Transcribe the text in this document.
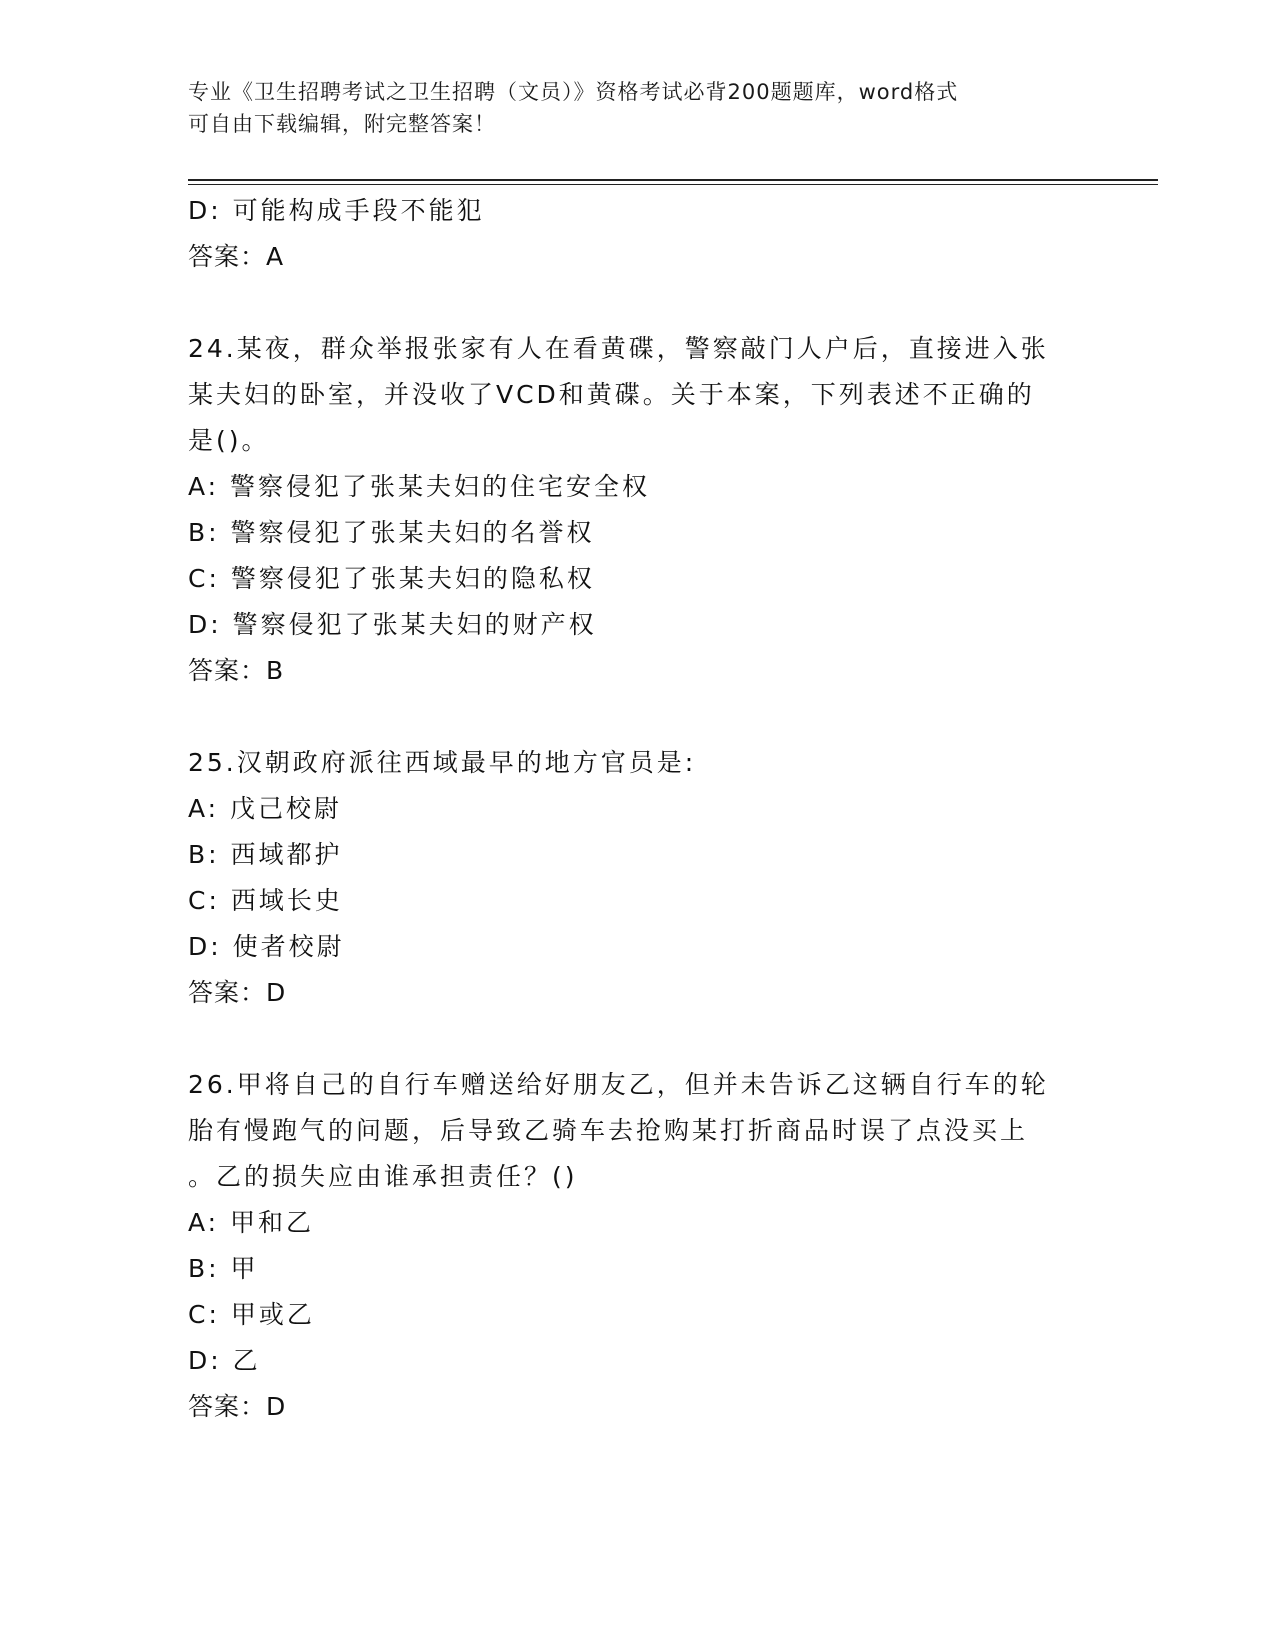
专业《卫生招聘考试之卫生招聘（文员）》资格考试必背200题题库，word格式
可自由下载编辑，附完整答案！
D: 可能构成手段不能犯
答案：A
24.某夜，群众举报张家有人在看黄碟，警察敲门人户后，直接进入张
某夫妇的卧室，并没收了VCD和黄碟。关于本案，下列表述不正确的
是()。
A: 警察侵犯了张某夫妇的住宅安全权
B: 警察侵犯了张某夫妇的名誉权
C: 警察侵犯了张某夫妇的隐私权
D: 警察侵犯了张某夫妇的财产权
答案：B
25.汉朝政府派往西域最早的地方官员是:
A: 戊己校尉
B: 西域都护
C: 西域长史
D: 使者校尉
答案：D
26.甲将自己的自行车赠送给好朋友乙，但并未告诉乙这辆自行车的轮
胎有慢跑气的问题，后导致乙骑车去抢购某打折商品时误了点没买上
。乙的损失应由谁承担责任？()
A: 甲和乙
B: 甲
C: 甲或乙
D: 乙
答案：D
